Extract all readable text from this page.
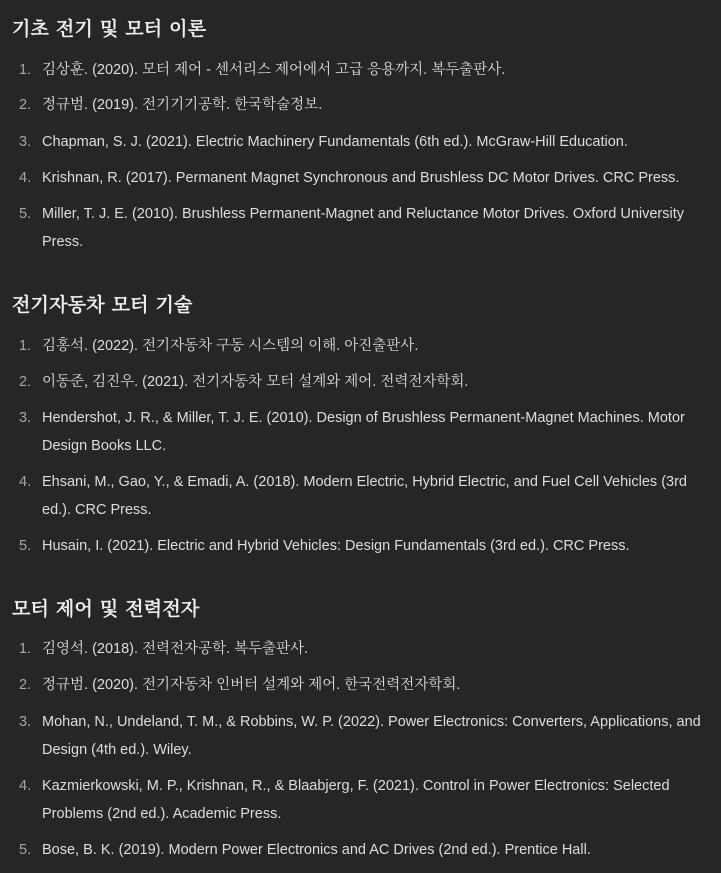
기초 전기 및 모터 이론
1. 김상훈. (2020). 모터 제어 - 센서리스 제어에서 고급 응용까지. 복두출판사.
2. 정규범. (2019). 전기기기공학. 한국학술정보.
3. Chapman, S. J. (2021). Electric Machinery Fundamentals (6th ed.). McGraw-Hill Education.
4. Krishnan, R. (2017). Permanent Magnet Synchronous and Brushless DC Motor Drives. CRC Press.
5. Miller, T. J. E. (2010). Brushless Permanent-Magnet and Reluctance Motor Drives. Oxford University Press.
전기자동차 모터 기술
1. 김홍석. (2022). 전기자동차 구동 시스템의 이해. 아진출판사.
2. 이동준, 김진우. (2021). 전기자동차 모터 설계와 제어. 전력전자학회.
3. Hendershot, J. R., & Miller, T. J. E. (2010). Design of Brushless Permanent-Magnet Machines. Motor Design Books LLC.
4. Ehsani, M., Gao, Y., & Emadi, A. (2018). Modern Electric, Hybrid Electric, and Fuel Cell Vehicles (3rd ed.). CRC Press.
5. Husain, I. (2021). Electric and Hybrid Vehicles: Design Fundamentals (3rd ed.). CRC Press.
모터 제어 및 전력전자
1. 김영석. (2018). 전력전자공학. 복두출판사.
2. 정규범. (2020). 전기자동차 인버터 설계와 제어. 한국전력전자학회.
3. Mohan, N., Undeland, T. M., & Robbins, W. P. (2022). Power Electronics: Converters, Applications, and Design (4th ed.). Wiley.
4. Kazmierkowski, M. P., Krishnan, R., & Blaabjerg, F. (2021). Control in Power Electronics: Selected Problems (2nd ed.). Academic Press.
5. Bose, B. K. (2019). Modern Power Electronics and AC Drives (2nd ed.). Prentice Hall.
